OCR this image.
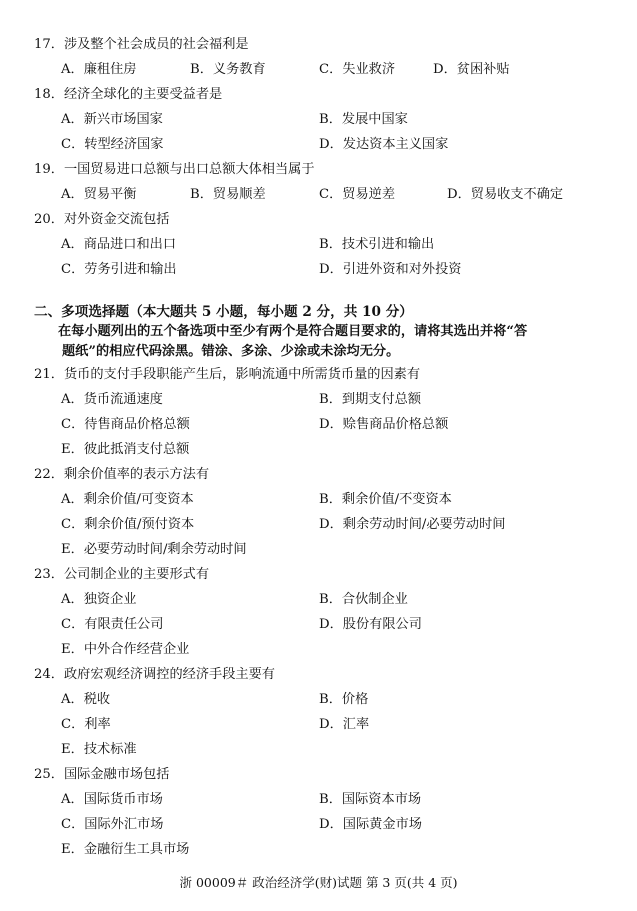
17．涉及整个社会成员的社会福利是
A．廉租住房	B．义务教育	C．失业救济	D．贫困补贴
18．经济全球化的主要受益者是
A．新兴市场国家	B．发展中国家
C．转型经济国家	D．发达资本主义国家
19．一国贸易进口总额与出口总额大体相当属于
A．贸易平衡	B．贸易顺差	C．贸易逆差	D．贸易收支不确定
20．对外资金交流包括
A．商品进口和出口	B．技术引进和输出
C．劳务引进和输出	D．引进外资和对外投资
二、多项选择题（本大题共 5 小题，每小题 2 分，共 10 分）
在每小题列出的五个备选项中至少有两个是符合题目要求的，请将其选出并将“答
题纸”的相应代码涂黑。错涂、多涂、少涂或未涂均无分。
21．货币的支付手段职能产生后，影响流通中所需货币量的因素有
A．货币流通速度	B．到期支付总额
C．待售商品价格总额	D．赊售商品价格总额
E．彼此抵消支付总额
22．剩余价值率的表示方法有
A．剩余价值/可变资本	B．剩余价值/不变资本
C．剩余价值/预付资本	D．剩余劳动时间/必要劳动时间
E．必要劳动时间/剩余劳动时间
23．公司制企业的主要形式有
A．独资企业	B．合伙制企业
C．有限责任公司	D．股份有限公司
E．中外合作经营企业
24．政府宏观经济调控的经济手段主要有
A．税收	B．价格
C．利率	D．汇率
E．技术标准
25．国际金融市场包括
A．国际货币市场	B．国际资本市场
C．国际外汇市场	D．国际黄金市场
E．金融衍生工具市场
浙 00009＃ 政治经济学(财)试题 第 3 页(共 4 页)
